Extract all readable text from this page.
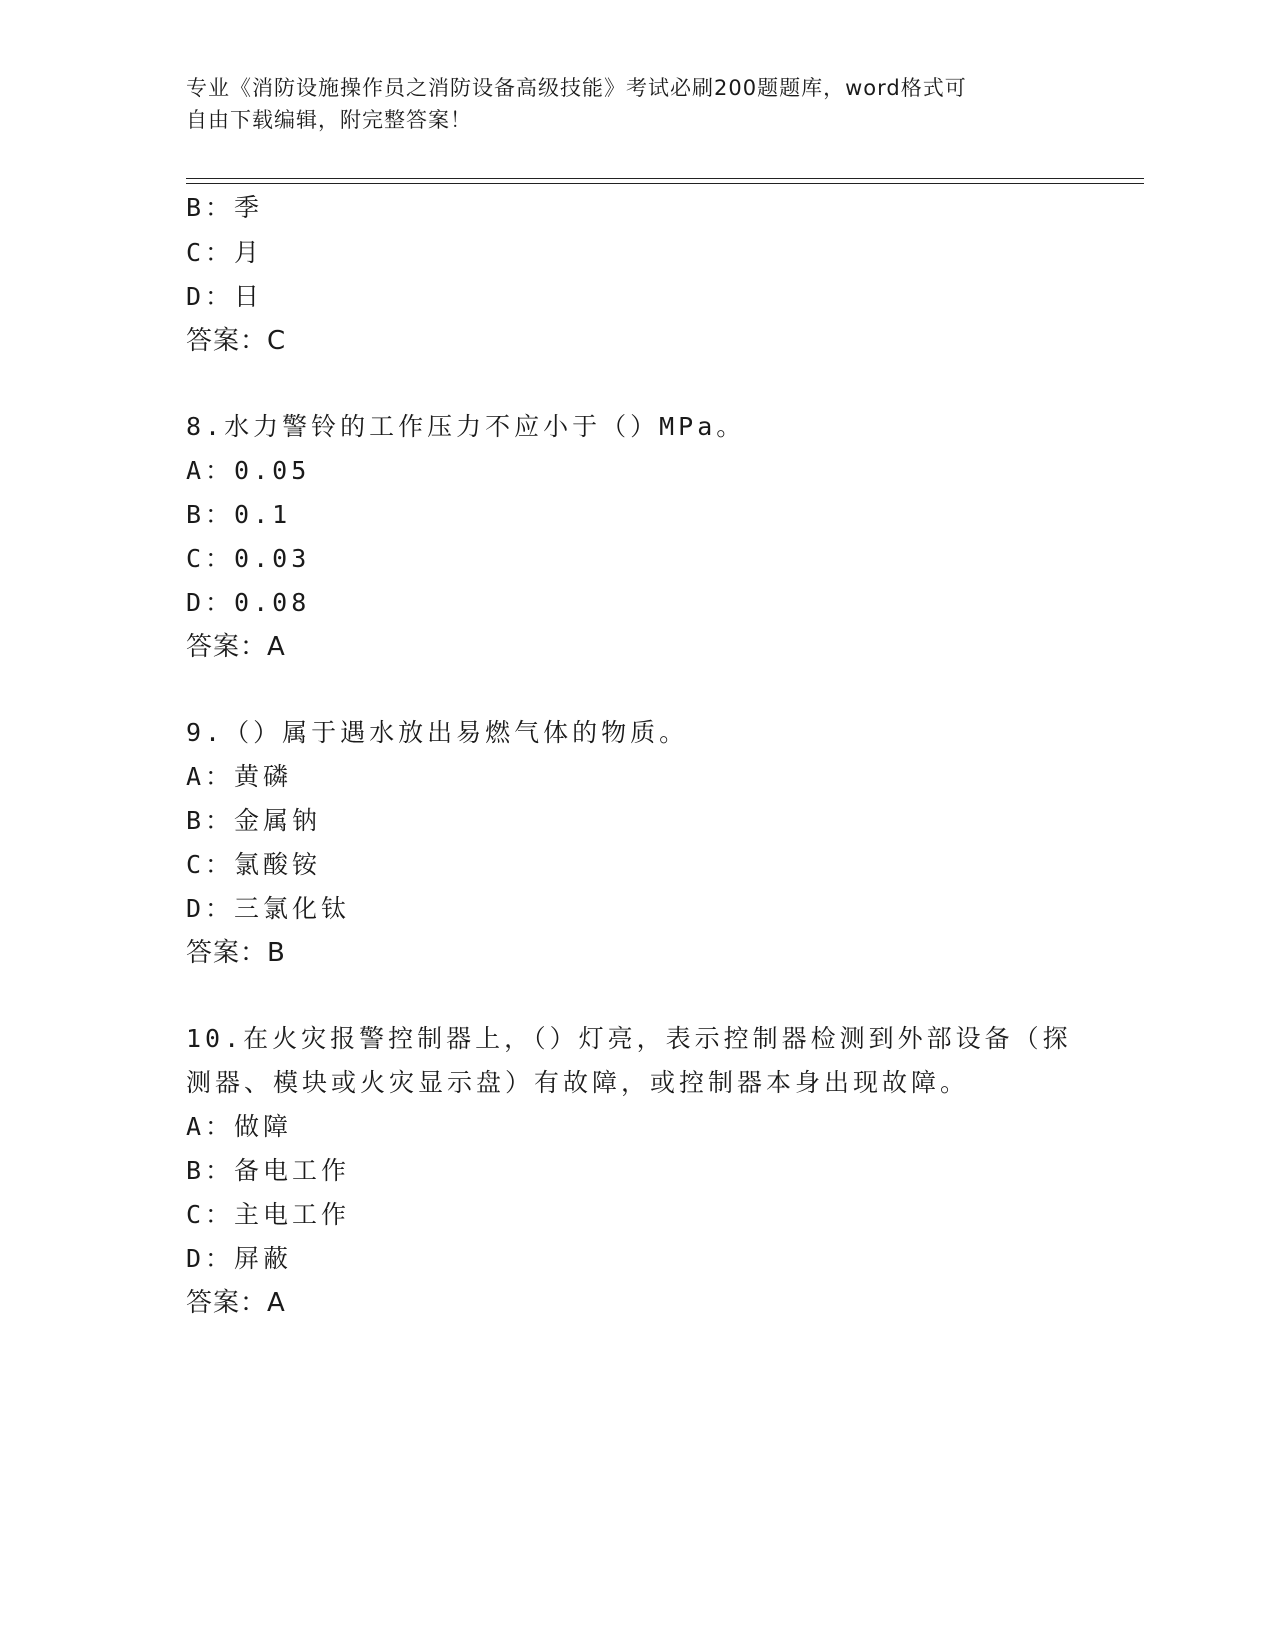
专业《消防设施操作员之消防设备高级技能》考试必刷200题题库，word格式可
自由下载编辑，附完整答案！
B：季
C：月
D：日
答案：C
8.水力警铃的工作压力不应小于（）MPa。
A：0.05
B：0.1
C：0.03
D：0.08
答案：A
9.（）属于遇水放出易燃气体的物质。
A：黄磷
B：金属钠
C：氯酸铵
D：三氯化钛
答案：B
10.在火灾报警控制器上，（）灯亮，表示控制器检测到外部设备（探
测器、模块或火灾显示盘）有故障，或控制器本身出现故障。
A：做障
B：备电工作
C：主电工作
D：屏蔽
答案：A
